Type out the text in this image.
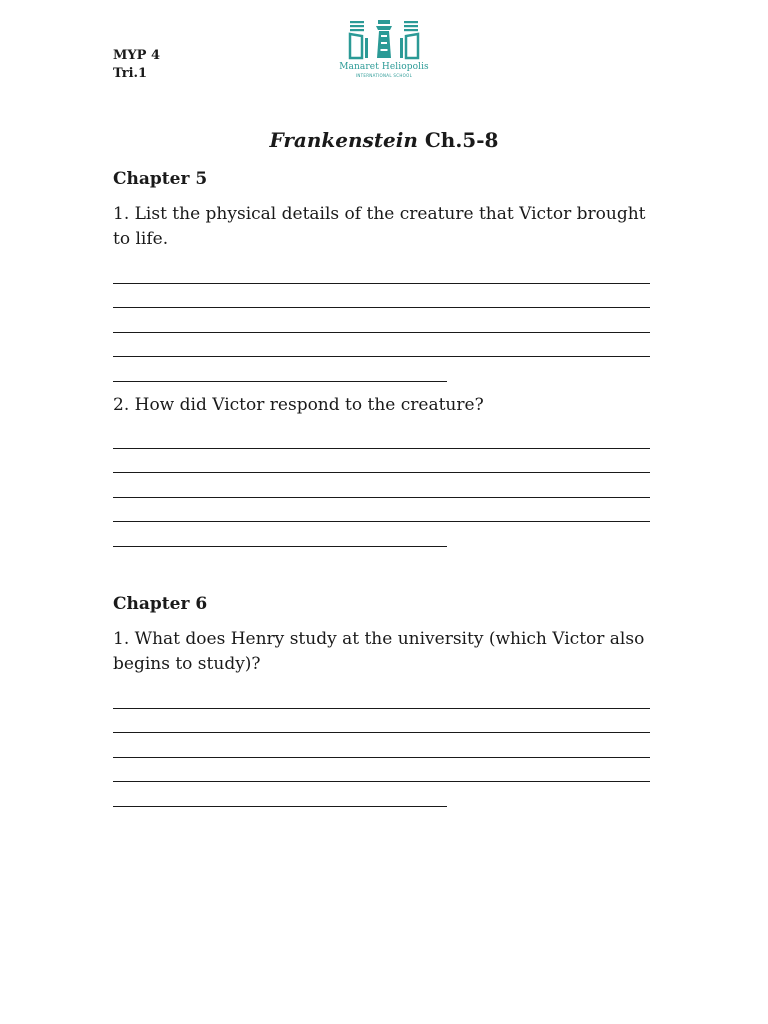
MYP 4
Tri.1	Manaret Heliopolis
INTERNATIONAL SCHOOL
Frankenstein Ch.5-8
Chapter 5
1. List the physical details of the creature that Victor brought to life.
2. How did Victor respond to the creature?
Chapter 6
1. What does Henry study at the university (which Victor also begins to study)?
